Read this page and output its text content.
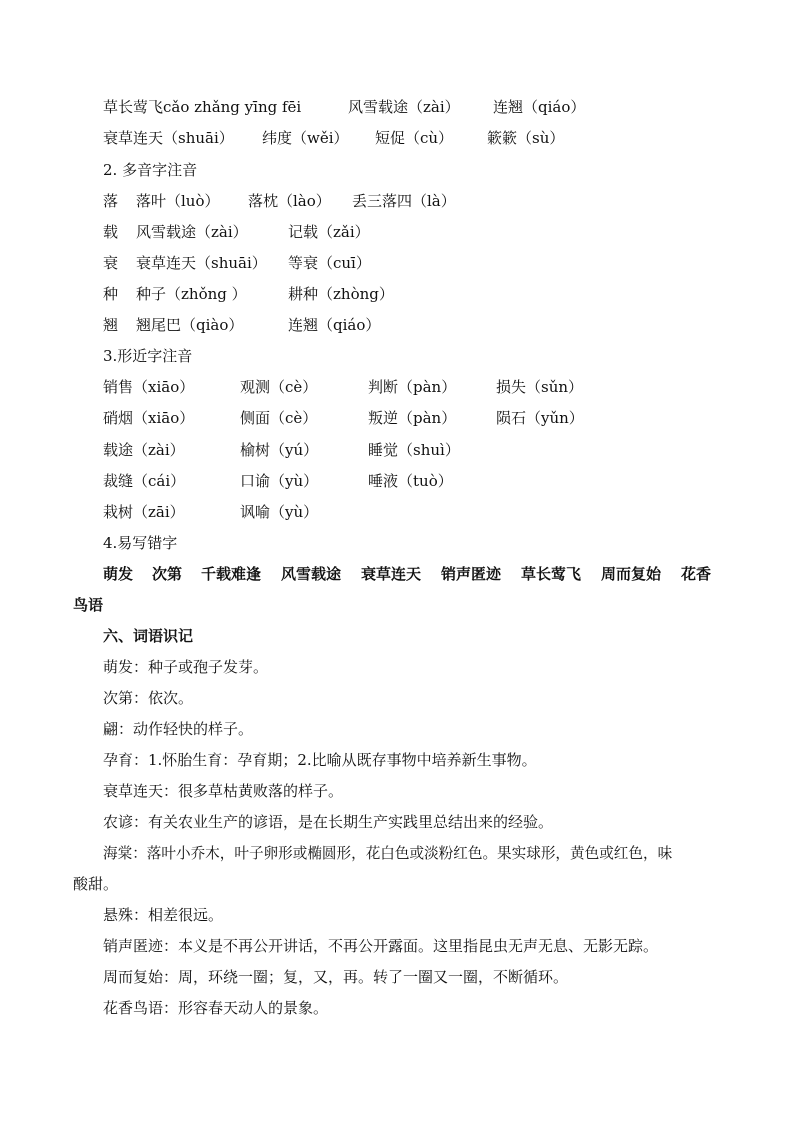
草长莺飞cǎo zhǎng yīng fēi	风雪载途（zài） 连翘（qiáo）
衰草连天（shuāi） 纬度（wěi） 短促（cù） 簌簌（sù）
2. 多音字注音
落 落叶（luò） 落枕（lào） 丢三落四（là）
载 风雪载途（zài）	记载（zǎi）
衰 衰草连天（shuāi） 等衰（cuī）
种 种子（zhǒng ）	耕种（zhòng）
翘 翘尾巴（qiào）	连翘（qiáo）
3.形近字注音
销售（xiāo）	观测（cè）	判断（pàn）	损失（sǔn）
硝烟（xiāo）	侧面（cè）	叛逆（pàn）	陨石（yǔn）
载途（zài）	榆树（yú）	睡觉（shuì）
裁缝（cái）	口谕（yù）	唾液（tuò）
栽树（zāi）	讽喻（yù）
4.易写错字
萌发 次第 千载难逢 风雪载途 衰草连天 销声匿迹 草长莺飞 周而复始 花香
鸟语
六、词语识记
萌发：种子或孢子发芽。
次第：依次。
翩：动作轻快的样子。
孕育：1.怀胎生育：孕育期；2.比喻从既存事物中培养新生事物。
衰草连天：很多草枯黄败落的样子。
农谚：有关农业生产的谚语，是在长期生产实践里总结出来的经验。
海棠：落叶小乔木，叶子卵形或椭圆形，花白色或淡粉红色。果实球形，黄色或红色，味
酸甜。
悬殊：相差很远。
销声匿迹：本义是不再公开讲话，不再公开露面。这里指昆虫无声无息、无影无踪。
周而复始：周，环绕一圈；复，又，再。转了一圈又一圈，不断循环。
花香鸟语：形容春天动人的景象。
